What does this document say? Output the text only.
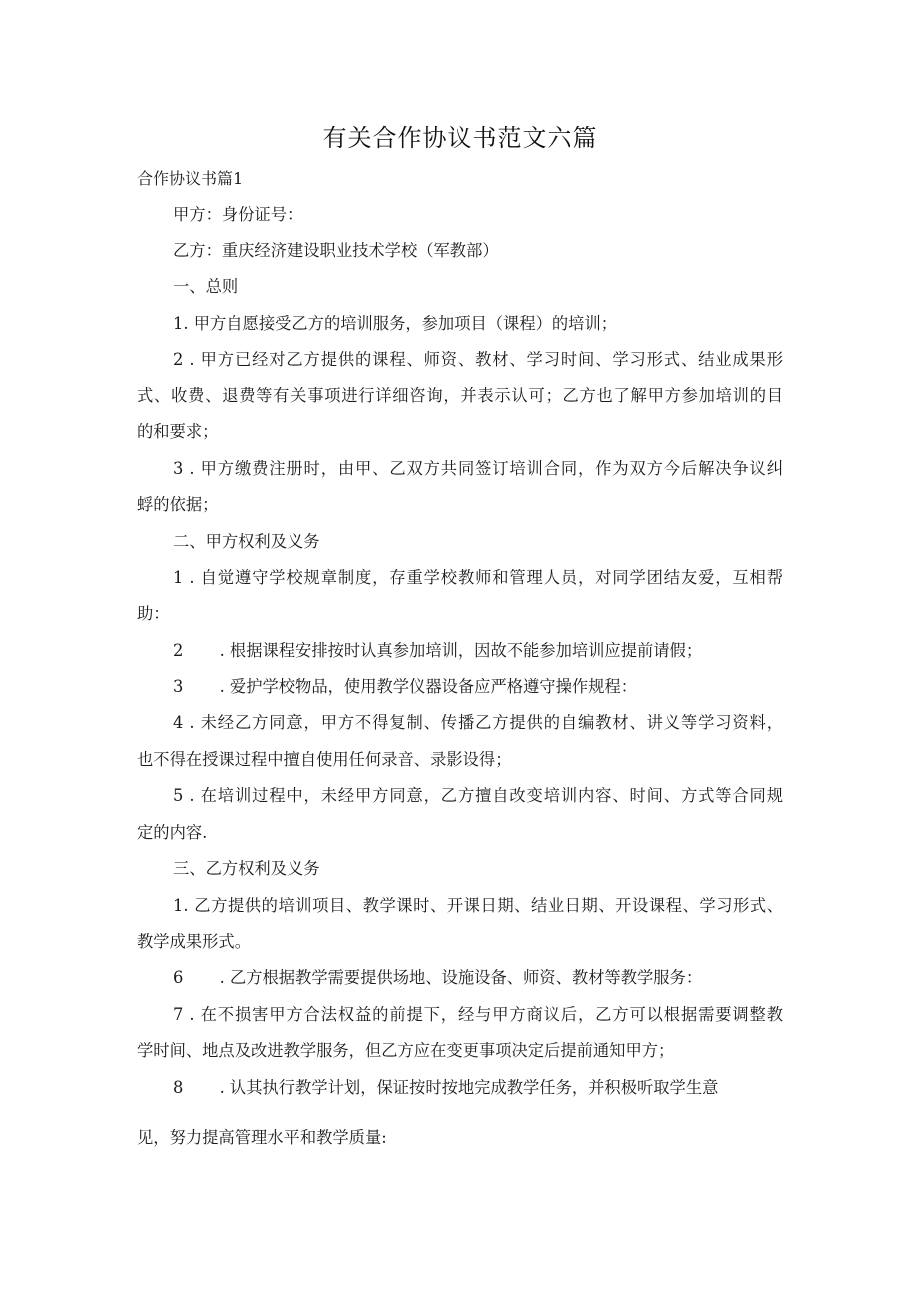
有关合作协议书范文六篇
合作协议书篇1
甲方：身份证号：
乙方：重庆经济建设职业技术学校（军教部）
一、总则
1. 甲方自愿接受乙方的培训服务，参加项目（课程）的培训；
2 . 甲方已经对乙方提供的课程、师资、教材、学习时间、学习形式、结业成果形
式、收费、退费等有关事项进行详细咨询，并表示认可；乙方也了解甲方参加培训的目
的和要求；
3 . 甲方缴费注册时，由甲、乙双方共同签订培训合同，作为双方今后解决争议纠
蜉的依据；
二、甲方权利及义务
1 . 自觉遵守学校规章制度，存重学校教师和管理人员，对同学团结友爱，互相帮
助：
2       . 根据课程安排按时认真参加培训，因故不能参加培训应提前请假；
3       . 爱护学校物品，使用教学仪器设备应严格遵守操作规程：
4 . 未经乙方同意，甲方不得复制、传播乙方提供的自编教材、讲义等学习资料，
也不得在授课过程中擅自使用任何录音、录影设得；
5 . 在培训过程中，未经甲方同意，乙方擅自改变培训内容、时间、方式等合同规
定的内容.
三、乙方权利及义务
1. 乙方提供的培训项目、教学课时、开课日期、结业日期、开设课程、学习形式、
教学成果形式。
6       . 乙方根据教学需要提供场地、设施设备、师资、教材等教学服务：
7 . 在不损害甲方合法权益的前提下，经与甲方商议后，乙方可以根据需要调整教
学时间、地点及改进教学服务，但乙方应在变更事项决定后提前通知甲方；
8       . 认其执行教学计划，保证按时按地完成教学任务，并积极听取学生意
见，努力提高管理水平和教学质量:
